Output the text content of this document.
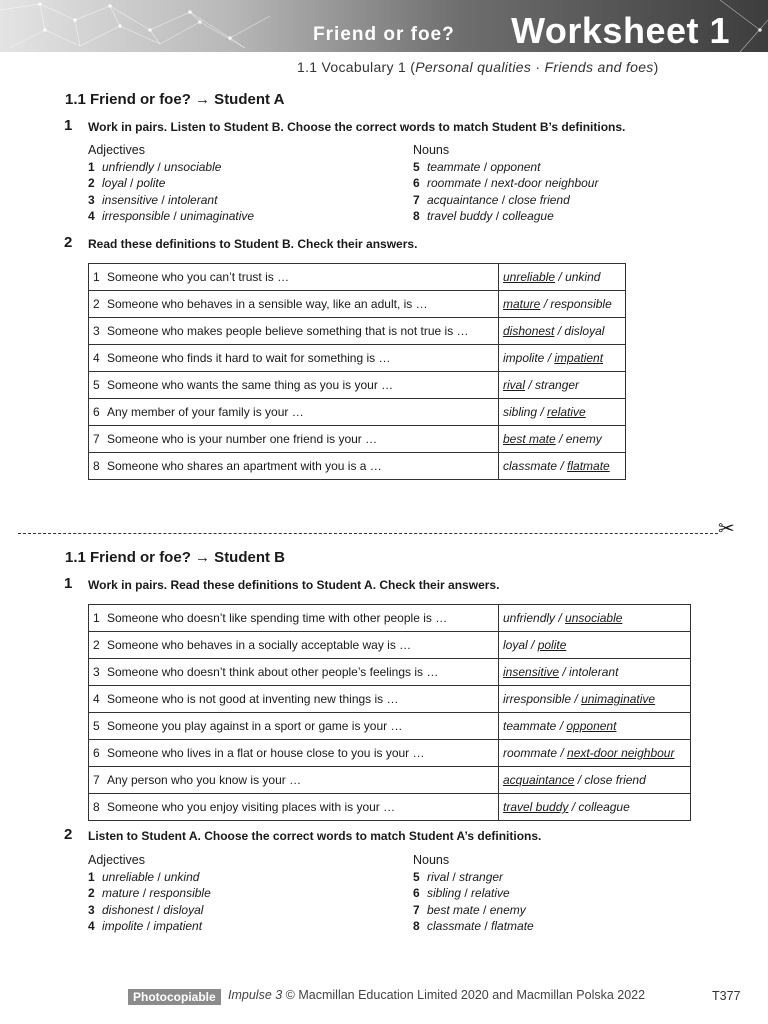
Friend or foe? Worksheet 1
1.1 Vocabulary 1 (Personal qualities · Friends and foes)
1.1 Friend or foe? → Student A
1 Work in pairs. Listen to Student B. Choose the correct words to match Student B’s definitions.
Adjectives	Nouns
1 unfriendly / unsociable
2 loyal / polite
3 insensitive / intolerant
4 irresponsible / unimaginative
5 teammate / opponent
6 roommate / next-door neighbour
7 acquaintance / close friend
8 travel buddy / colleague
2 Read these definitions to Student B. Check their answers.
1 Someone who you can’t trust is …	unreliable / unkind
2 Someone who behaves in a sensible way, like an adult, is …	mature / responsible
3 Someone who makes people believe something that is not true is …	dishonest / disloyal
4 Someone who finds it hard to wait for something is …	impolite / impatient
5 Someone who wants the same thing as you is your …	rival / stranger
6 Any member of your family is your …	sibling / relative
7 Someone who is your number one friend is your …	best mate / enemy
8 Someone who shares an apartment with you is a …	classmate / flatmate
✂
1.1 Friend or foe? → Student B
1 Work in pairs. Read these definitions to Student A. Check their answers.
1 Someone who doesn’t like spending time with other people is …	unfriendly / unsociable
2 Someone who behaves in a socially acceptable way is …	loyal / polite
3 Someone who doesn’t think about other people’s feelings is …	insensitive / intolerant
4 Someone who is not good at inventing new things is …	irresponsible / unimaginative
5 Someone you play against in a sport or game is your …	teammate / opponent
6 Someone who lives in a flat or house close to you is your …	roommate / next-door neighbour
7 Any person who you know is your …	acquaintance / close friend
8 Someone who you enjoy visiting places with is your …	travel buddy / colleague
2 Listen to Student A. Choose the correct words to match Student A’s definitions.
Adjectives	Nouns
1 unreliable / unkind
2 mature / responsible
3 dishonest / disloyal
4 impolite / impatient
5 rival / stranger
6 sibling / relative
7 best mate / enemy
8 classmate / flatmate
Photocopiable Impulse 3 © Macmillan Education Limited 2020 and Macmillan Polska 2022	T377
